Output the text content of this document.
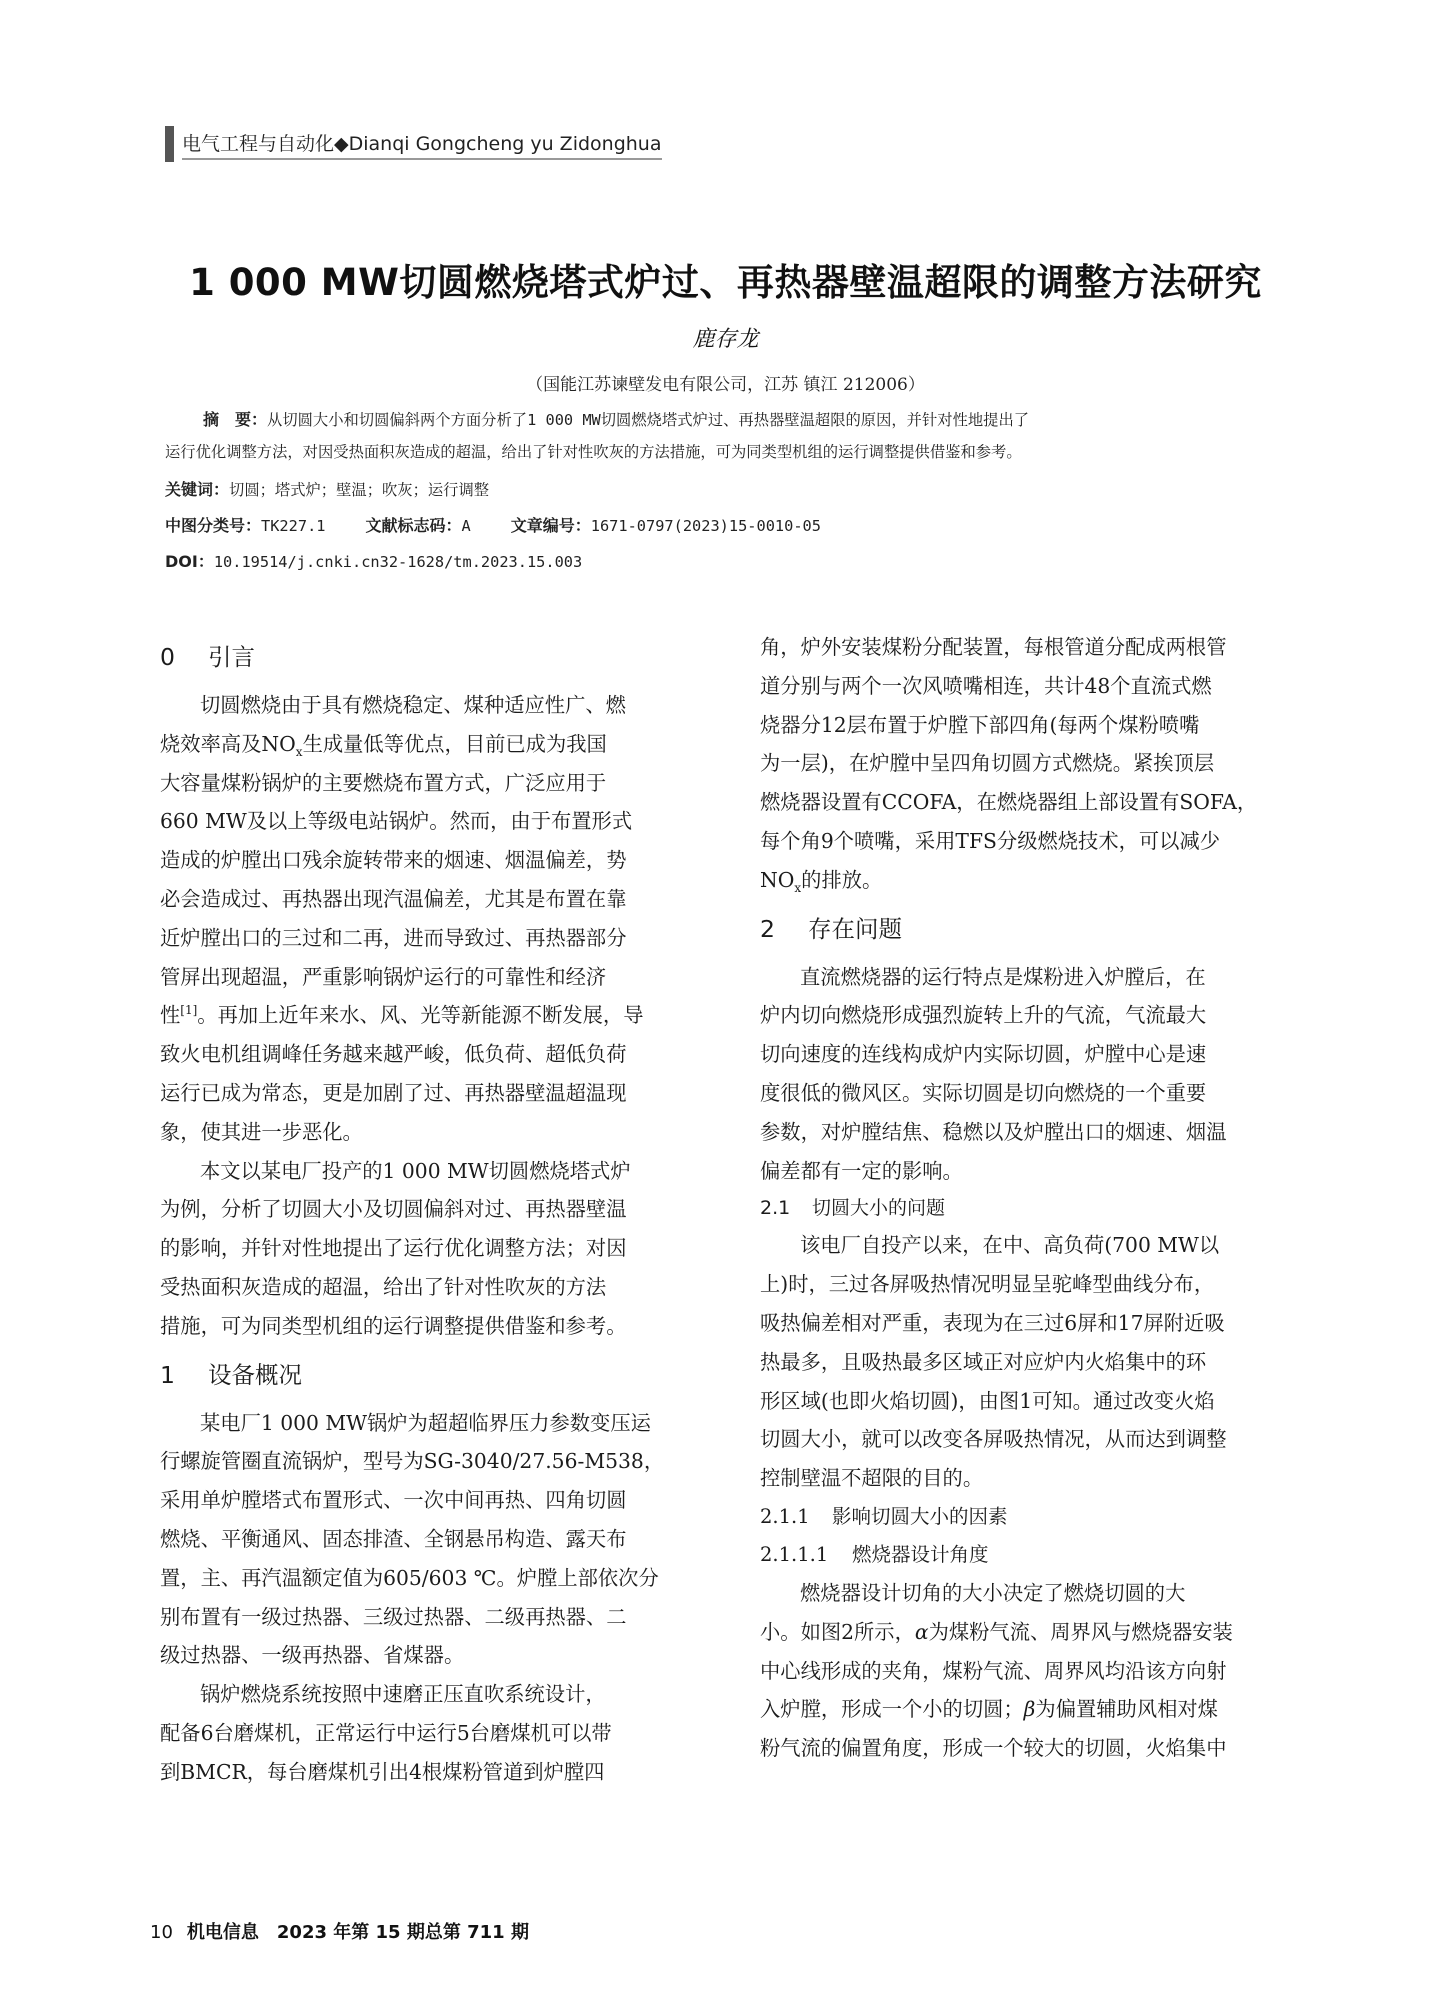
电气工程与自动化◆Dianqi Gongcheng yu Zidonghua
1 000 MW切圆燃烧塔式炉过、再热器壁温超限的调整方法研究
鹿存龙
（国能江苏谏壁发电有限公司，江苏 镇江 212006）
摘　要：从切圆大小和切圆偏斜两个方面分析了1 000 MW切圆燃烧塔式炉过、再热器壁温超限的原因，并针对性地提出了
运行优化调整方法，对因受热面积灰造成的超温，给出了针对性吹灰的方法措施，可为同类型机组的运行调整提供借鉴和参考。
关键词：切圆；塔式炉；壁温；吹灰；运行调整
中图分类号：TK227.1	文献标志码：A	文章编号：1671-0797(2023)15-0010-05
DOI：10.19514/j.cnki.cn32-1628/tm.2023.15.003
0 引言

切圆燃烧由于具有燃烧稳定、煤种适应性广、燃
烧效率高及$NO_x$生成量低等优点，目前已成为我国
大容量煤粉锅炉的主要燃烧布置方式，广泛应用于
660 MW及以上等级电站锅炉。然而，由于布置形式
造成的炉膛出口残余旋转带来的烟速、烟温偏差，势
必会造成过、再热器出现汽温偏差，尤其是布置在靠
近炉膛出口的三过和二再，进而导致过、再热器部分
管屏出现超温，严重影响锅炉运行的可靠性和经济
性[1]。再加上近年来水、风、光等新能源不断发展，导
致火电机组调峰任务越来越严峻，低负荷、超低负荷
运行已成为常态，更是加剧了过、再热器壁温超温现
象，使其进一步恶化。

本文以某电厂投产的1 000 MW切圆燃烧塔式炉
为例，分析了切圆大小及切圆偏斜对过、再热器壁温
的影响，并针对性地提出了运行优化调整方法；对因
受热面积灰造成的超温，给出了针对性吹灰的方法
措施，可为同类型机组的运行调整提供借鉴和参考。

1 设备概况

某电厂1 000 MW锅炉为超超临界压力参数变压运
行螺旋管圈直流锅炉，型号为SG-3040/27.56-M538，
采用单炉膛塔式布置形式、一次中间再热、四角切圆
燃烧、平衡通风、固态排渣、全钢悬吊构造、露天布
置，主、再汽温额定值为605/603 ℃。炉膛上部依次分
别布置有一级过热器、三级过热器、二级再热器、二
级过热器、一级再热器、省煤器。

锅炉燃烧系统按照中速磨正压直吹系统设计，
配备6台磨煤机，正常运行中运行5台磨煤机可以带
到BMCR，每台磨煤机引出4根煤粉管道到炉膛四

角，炉外安装煤粉分配装置，每根管道分配成两根管
道分别与两个一次风喷嘴相连，共计48个直流式燃
烧器分12层布置于炉膛下部四角(每两个煤粉喷嘴
为一层)，在炉膛中呈四角切圆方式燃烧。紧挨顶层
燃烧器设置有CCOFA，在燃烧器组上部设置有SOFA，
每个角9个喷嘴，采用TFS分级燃烧技术，可以减少
$NO_x$的排放。

2 存在问题

直流燃烧器的运行特点是煤粉进入炉膛后，在
炉内切向燃烧形成强烈旋转上升的气流，气流最大
切向速度的连线构成炉内实际切圆，炉膛中心是速
度很低的微风区。实际切圆是切向燃烧的一个重要
参数，对炉膛结焦、稳燃以及炉膛出口的烟速、烟温
偏差都有一定的影响。

2.1 切圆大小的问题

该电厂自投产以来，在中、高负荷(700 MW以
上)时，三过各屏吸热情况明显呈驼峰型曲线分布，
吸热偏差相对严重，表现为在三过6屏和17屏附近吸
热最多，且吸热最多区域正对应炉内火焰集中的环
形区域(也即火焰切圆)，由图1可知。通过改变火焰
切圆大小，就可以改变各屏吸热情况，从而达到调整
控制壁温不超限的目的。

2.1.1 影响切圆大小的因素
2.1.1.1 燃烧器设计角度

燃烧器设计切角的大小决定了燃烧切圆的大
小。如图2所示，α为煤粉气流、周界风与燃烧器安装
中心线形成的夹角，煤粉气流、周界风均沿该方向射
入炉膛，形成一个小的切圆；β为偏置辅助风相对煤
粉气流的偏置角度，形成一个较大的切圆，火焰集中

10 机电信息　2023 年第 15 期总第 711 期
